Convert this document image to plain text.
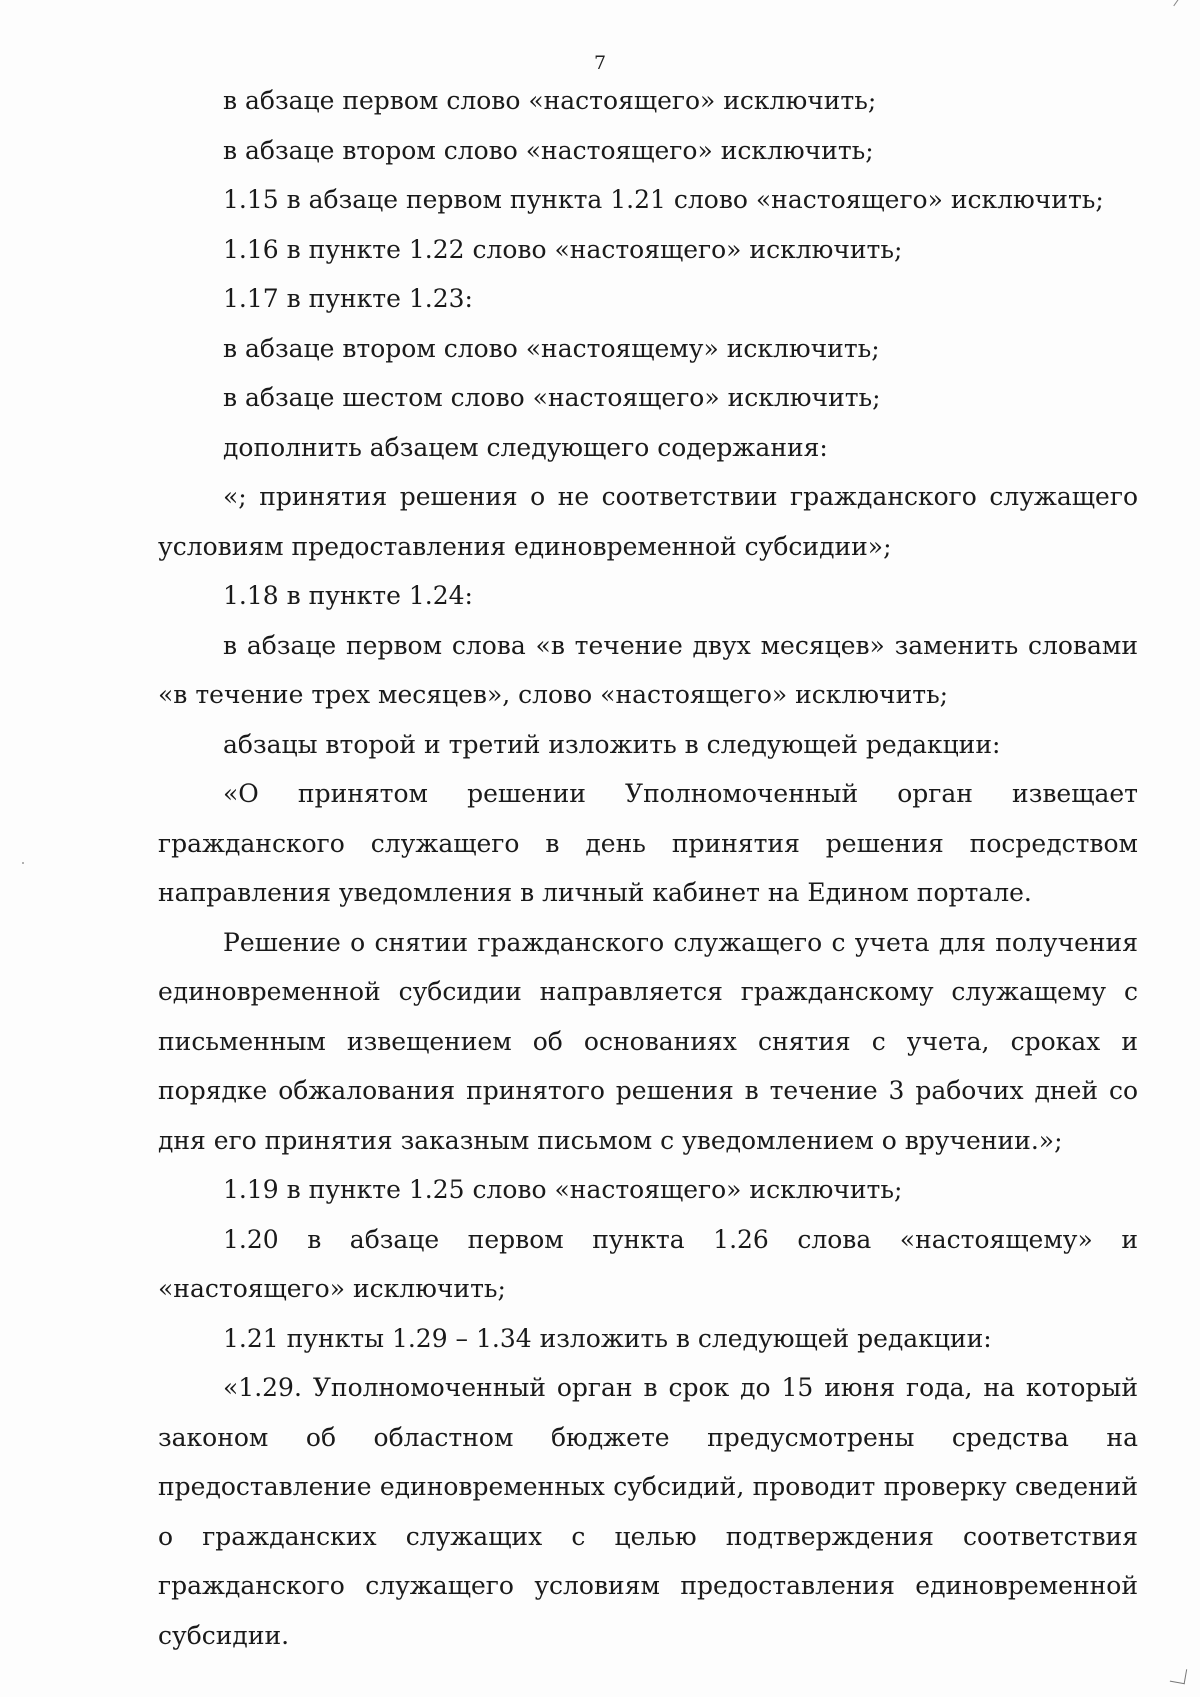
7

в абзаце первом слово «настоящего» исключить;

в абзаце втором слово «настоящего» исключить;

1.15 в абзаце первом пункта 1.21 слово «настоящего» исключить;

1.16 в пункте 1.22 слово «настоящего» исключить;

1.17 в пункте 1.23:

в абзаце втором слово «настоящему» исключить;

в абзаце шестом слово «настоящего» исключить;

дополнить абзацем следующего содержания:

«; принятия решения о не соответствии гражданского служащего условиям предоставления единовременной субсидии»;

1.18 в пункте 1.24:

в абзаце первом слова «в течение двух месяцев» заменить словами «в течение трех месяцев», слово «настоящего» исключить;

абзацы второй и третий изложить в следующей редакции:

«О принятом решении Уполномоченный орган извещает гражданского служащего в день принятия решения посредством направления уведомления в личный кабинет на Едином портале.

Решение о снятии гражданского служащего с учета для получения единовременной субсидии направляется гражданскому служащему с письменным извещением об основаниях снятия с учета, сроках и порядке обжалования принятого решения в течение 3 рабочих дней со дня его принятия заказным письмом с уведомлением о вручении.»;

1.19 в пункте 1.25 слово «настоящего» исключить;

1.20 в абзаце первом пункта 1.26 слова «настоящему» и «настоящего» исключить;

1.21 пункты 1.29 – 1.34 изложить в следующей редакции:

«1.29. Уполномоченный орган в срок до 15 июня года, на который законом об областном бюджете предусмотрены средства на предоставление единовременных субсидий, проводит проверку сведений о гражданских служащих с целью подтверждения соответствия гражданского служащего условиям предоставления единовременной субсидии.
